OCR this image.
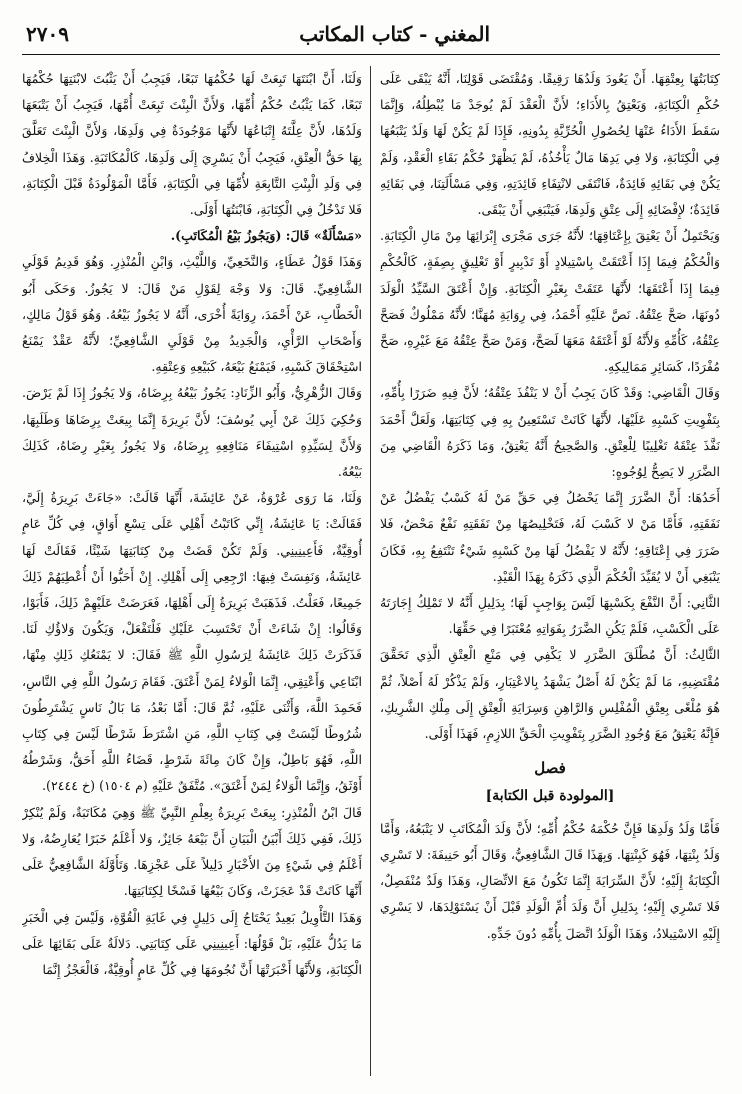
المغني - كتاب المكاتب
٢٧٠٩

كِتَابَتُهَا بِعِتْقِهَا. أَنْ يَعُودَ وَلَدُهَا رَقِيقًا. وَمُقْتَضَى قَوْلِنَا، أَنَّهُ يَبْقَى عَلَى حُكْمِ الْكِتَابَةِ، وَيَعْتِقُ بِالأَدَاءِ؛ لأَنَّ الْعَقْدَ لَمْ يُوجَدْ مَا يُبْطِلُهُ، وَإِنَّمَا سَقَطَ الأَدَاءُ عَنْهَا لِحُصُولِ الْحُرِّيَّةِ بِدُونِهِ، فَإِذَا لَمْ يَكُنْ لَهَا وَلَدٌ يَتْبَعُهَا فِي الْكِتَابَةِ، وَلا فِي يَدِهَا مَالٌ يَأْخُذُهُ، لَمْ يَظْهَرْ حُكْمُ بَقَاءِ الْعَقْدِ، وَلَمْ يَكُنْ فِي بَقَائِهِ فَائِدَةٌ، فَانْتَفَى لانْتِفَاءِ فَائِدَتِهِ، وَفِي مَسْأَلَتِنَا، فِي بَقَائِهِ فَائِدَةٌ؛ لإِفْضَائِهِ إِلَى عِتْقِ وَلَدِهَا، فَيَنْبَغِي أَنْ يَبْقَى.

وَيَحْتَمِلُ أَنْ يَعْتِقَ بِإِعْتَاقِهَا؛ لأَنَّهُ جَرَى مَجْرَى إِبْرَائِهَا مِنْ مَالِ الْكِتَابَةِ. وَالْحُكْمُ فِيمَا إِذَا أَعْتَقَتْ بِاسْتِيلادٍ أَوْ تَدْبِيرٍ أَوْ تَعْلِيقٍ بِصِفَةٍ، كَالْحُكْمِ فِيمَا إِذَا أَعْتَقَهَا؛ لأَنَّهَا عَتَقَتْ بِغَيْرِ الْكِتَابَةِ. وَإِنْ أَعْتَقَ السَّيِّدُ الْوَلَدَ دُونَهَا، صَحَّ عِتْقُهُ. نَصَّ عَلَيْهِ أَحْمَدُ، فِي رِوَايَةِ مُهَنَّا؛ لأَنَّهُ مَمْلُوكٌ فَصَحَّ عِتْقُهُ، كَأُمِّهِ وَلأَنَّهُ لَوْ أَعْتَقَهُ مَعَهَا لَصَحَّ، وَمَنْ صَحَّ عِتْقُهُ مَعَ غَيْرِهِ، صَحَّ مُفْرَدًا، كَسَائِرِ مَمَالِيكِهِ.

وَقَالَ الْقَاضِي: وَقَدْ كَانَ يَجِبُ أَنْ لا يَنْفُذَ عِتْقُهُ؛ لأَنَّ فِيهِ ضَرَرًا بِأُمِّهِ، بِتَفْوِيتِ كَسْبِهِ عَلَيْهَا، لأَنَّهَا كَانَتْ تَسْتَعِينُ بِهِ فِي كِتَابَتِهَا، وَلَعَلَّ أَحْمَدَ نَفَّذَ عِتْقَهُ تَغْلِيبًا لِلْعِتْقِ. وَالصَّحِيحُ أَنَّهُ يَعْتِقُ، وَمَا ذَكَرَهُ الْقَاضِي مِنَ الضَّرَرِ لا يَصِحُّ لِوُجُوهٍ:

أَحَدُهَا: أَنَّ الضَّرَرَ إِنَّمَا يَحْصُلُ فِي حَقِّ مَنْ لَهُ كَسْبٌ يَفْضُلُ عَنْ نَفَقَتِهِ، فَأَمَّا مَنْ لا كَسْبَ لَهُ، فَتَخْلِيصُهَا مِنْ نَفَقَتِهِ نَفْعٌ مَحْضٌ، فَلا ضَرَرَ فِي إِعْتَاقِهِ؛ لأَنَّهُ لا يَفْضُلُ لَهَا مِنْ كَسْبِهِ شَيْءٌ تَنْتَفِعُ بِهِ، فَكَانَ يَنْبَغِي أَنْ لا يُقَيِّدَ الْحُكْمَ الَّذِي ذَكَرَهُ بِهَذَا الْقَيْدِ.

الثَّانِي: أَنَّ النَّفْعَ بِكَسْبِهَا لَيْسَ بِوَاجِبٍ لَهَا؛ بِدَلِيلِ أَنَّهُ لا تَمْلِكُ إِجَارَتَهُ عَلَى الْكَسْبِ، فَلَمْ يَكُنِ الضَّرَرُ بِفَوَاتِهِ مُعْتَبَرًا فِي حَقِّهَا.

الثَّالِثُ: أَنَّ مُطْلَقَ الضَّرَرِ لا يَكْفِي فِي مَنْعِ الْعِتْقِ الَّذِي تَحَقَّقَ مُقْتَضِيهِ، مَا لَمْ يَكُنْ لَهُ أَصْلٌ يَشْهَدُ بِالاعْتِبَارِ، وَلَمْ يَذْكُرْ لَهُ أَصْلاً، ثُمَّ هُوَ مُلْغًى بِعِتْقِ الْمُفْلِسِ وَالرَّاهِنِ وَسِرَايَةِ الْعِتْقِ إِلَى مِلْكِ الشَّرِيكِ، فَإِنَّهُ يَعْتِقُ مَعَ وُجُودِ الضَّرَرِ بِتَفْوِيتِ الْحَقِّ اللازِمِ، فَهَذَا أَوْلَى.

فصل
[المولودة قبل الكتابة]

فَأَمَّا وَلَدُ وَلَدِهَا فَإِنَّ حُكْمَهُ حُكْمُ أُمِّهِ؛ لأَنَّ وَلَدَ الْمُكَاتَبِ لا يَتْبَعُهُ، وَأَمَّا وَلَدُ بِنْتِهَا، فَهُوَ كَبِنْتِهَا. وَبِهَذَا قَالَ الشَّافِعِيُّ، وَقَالَ أَبُو حَنِيفَةَ: لا تَسْرِي الْكِتَابَةُ إِلَيْهِ؛ لأَنَّ السِّرَايَةَ إِنَّمَا تَكُونُ مَعَ الاتِّصَالِ، وَهَذَا وَلَدٌ مُنْفَصِلٌ، فَلا تَسْرِي إِلَيْهِ؛ بِدَلِيلِ أَنَّ وَلَدَ أُمِّ الْوَلَدِ قَبْلَ أَنْ يَسْتَوْلِدَهَا، لا يَسْرِي إِلَيْهِ الاسْتِيلادُ، وَهَذَا الْوَلَدُ اتَّصَلَ بِأُمِّهِ دُونَ جَدِّهِ.

وَلَنَا، أَنَّ ابْنَتَهَا تَبِعَتْ لَهَا حُكْمُهَا تَبَعًا، فَيَجِبُ أَنْ يَثْبُتَ لابْنَتِهَا حُكْمُهَا تَبَعًا، كَمَا يَثْبُتُ حُكْمُ أُمِّهَا، وَلأَنَّ الْبِنْتَ تَبِعَتْ أُمَّهَا، فَيَجِبُ أَنْ يَتْبَعَهَا وَلَدُهَا، لأَنَّ عِلَّتَهُ إِتْبَاعُهَا لأَنَّهَا مَوْجُودَةٌ فِي وَلَدِهَا، وَلأَنَّ الْبِنْتَ تَعَلَّقَ بِهَا حَقُّ الْعِتْقِ، فَيَجِبُ أَنْ يَسْرِيَ إِلَى وَلَدِهَا، كَالْمُكَاتَبَةِ. وَهَذَا الْخِلافُ فِي وَلَدِ الْبِنْتِ التَّابِعَةِ لأُمِّهَا فِي الْكِتَابَةِ، فَأَمَّا الْمَوْلُودَةُ قَبْلَ الْكِتَابَةِ، فَلا تَدْخُلُ فِي الْكِتَابَةِ، فَابْنَتُهَا أَوْلَى.

«مَسْأَلَةٌ» قَالَ: (وَيَجُوزُ بَيْعُ الْمُكَاتَبِ).

وَهَذَا قَوْلُ عَطَاءٍ، وَالنَّخَعِيِّ، وَاللَّيْثِ، وَابْنِ الْمُنْذِرِ. وَهُوَ قَدِيمُ قَوْلَيِ الشَّافِعِيِّ. قَالَ: وَلا وَجْهَ لِقَوْلِ مَنْ قَالَ: لا يَجُوزُ. وَحَكَى أَبُو الْخَطَّابِ، عَنْ أَحْمَدَ، رِوَايَةً أُخْرَى، أَنَّهُ لا يَجُوزُ بَيْعُهُ. وَهُوَ قَوْلُ مَالِكٍ، وَأَصْحَابِ الرَّأْيِ، وَالْجَدِيدُ مِنْ قَوْلَيِ الشَّافِعِيِّ؛ لأَنَّهُ عَقْدٌ يَمْنَعُ اسْتِحْقَاقَ كَسْبِهِ، فَيَمْنَعُ بَيْعَهُ، كَبَيْعِهِ وَعِتْقِهِ.

وَقَالَ الزُّهْرِيُّ، وَأَبُو الزِّنَادِ: يَجُوزُ بَيْعُهُ بِرِضَاهُ، وَلا يَجُوزُ إِذَا لَمْ يَرْضَ. وَحُكِيَ ذَلِكَ عَنْ أَبِي يُوسُفَ؛ لأَنَّ بَرِيرَةَ إِنَّمَا بِيعَتْ بِرِضَاهَا وَطَلَبِهَا، وَلأَنَّ لِسَيِّدِهِ اسْتِيفَاءَ مَنَافِعِهِ بِرِضَاهُ، وَلا يَجُوزُ بِغَيْرِ رِضَاهُ، كَذَلِكَ بَيْعُهُ.

وَلَنَا، مَا رَوَى عُرْوَةُ، عَنْ عَائِشَةَ، أَنَّهَا قَالَتْ: «جَاءَتْ بَرِيرَةُ إِلَيَّ، فَقَالَتْ: يَا عَائِشَةُ، إِنِّي كَاتَبْتُ أَهْلِي عَلَى تِسْعِ أَوَاقٍ، فِي كُلِّ عَامٍ أُوقِيَّةٌ، فَأَعِينِينِي. وَلَمْ تَكُنْ قَضَتْ مِنْ كِتَابَتِهَا شَيْئًا، فَقَالَتْ لَهَا عَائِشَةُ، وَنَفِسَتْ فِيهَا: ارْجِعِي إِلَى أَهْلِكِ. إِنْ أَحَبُّوا أَنْ أُعْطِيَهُمْ ذَلِكَ جَمِيعًا، فَعَلْتُ. فَذَهَبَتْ بَرِيرَةُ إِلَى أَهْلِهَا، فَعَرَضَتْ عَلَيْهِمْ ذَلِكَ، فَأَبَوْا، وَقَالُوا: إِنْ شَاءَتْ أَنْ تَحْتَسِبَ عَلَيْكِ فَلْتَفْعَلْ، وَيَكُونَ وَلاؤُكِ لَنَا. فَذَكَرَتْ ذَلِكَ عَائِشَةُ لِرَسُولِ اللَّهِ ﷺ فَقَالَ: لا يَمْنَعُكِ ذَلِكِ مِنْهَا، ابْتَاعِي وَأَعْتِقِي، إِنَّمَا الْوَلاءُ لِمَنْ أَعْتَقَ. فَقَامَ رَسُولُ اللَّهِ فِي النَّاسِ، فَحَمِدَ اللَّهَ، وَأَثْنَى عَلَيْهِ، ثُمَّ قَالَ: أَمَّا بَعْدُ، مَا بَالُ نَاسٍ يَشْتَرِطُونَ شُرُوطًا لَيْسَتْ فِي كِتَابِ اللَّهِ، مَنِ اشْتَرَطَ شَرْطًا لَيْسَ فِي كِتَابِ اللَّهِ، فَهُوَ بَاطِلٌ، وَإِنْ كَانَ مِائَةَ شَرْطٍ، قَضَاءُ اللَّهِ أَحَقُّ، وَشَرْطُهُ أَوْثَقُ، وَإِنَّمَا الْوَلاءُ لِمَنْ أَعْتَقَ». مُتَّفَقٌ عَلَيْهِ (م ١٥٠٤) (خ ٢٤٤٤).

قَالَ ابْنُ الْمُنْذِرِ: بِيعَتْ بَرِيرَةُ بِعِلْمِ النَّبِيِّ ﷺ وَهِيَ مُكَاتَبَةٌ، وَلَمْ يُنْكِرْ ذَلِكَ، فَفِي ذَلِكَ أَبْيَنُ الْبَيَانِ أَنَّ بَيْعَهُ جَائِزٌ، وَلا أَعْلَمُ خَبَرًا يُعَارِضُهُ، وَلا أَعْلَمُ فِي شَيْءٍ مِنَ الأَخْبَارِ دَلِيلاً عَلَى عَجْزِهَا. وَتَأَوَّلَهُ الشَّافِعِيُّ عَلَى أَنَّهَا كَانَتْ قَدْ عَجَزَتْ، وَكَانَ بَيْعُهَا فَسْخًا لِكِتَابَتِهَا.

وَهَذَا التَّأْوِيلُ بَعِيدٌ يَحْتَاجُ إِلَى دَلِيلٍ فِي غَايَةِ الْقُوَّةِ، وَلَيْسَ فِي الْخَبَرِ مَا يَدُلُّ عَلَيْهِ، بَلْ قَوْلُهَا: أَعِينِينِي عَلَى كِتَابَتِي. دَلالَةٌ عَلَى بَقَائِهَا عَلَى الْكِتَابَةِ، وَلأَنَّهَا أَخْبَرَتْهَا أَنَّ نُجُومَهَا فِي كُلِّ عَامٍ أُوقِيَّةٌ، فَالْعَجْزُ إِنَّمَا
